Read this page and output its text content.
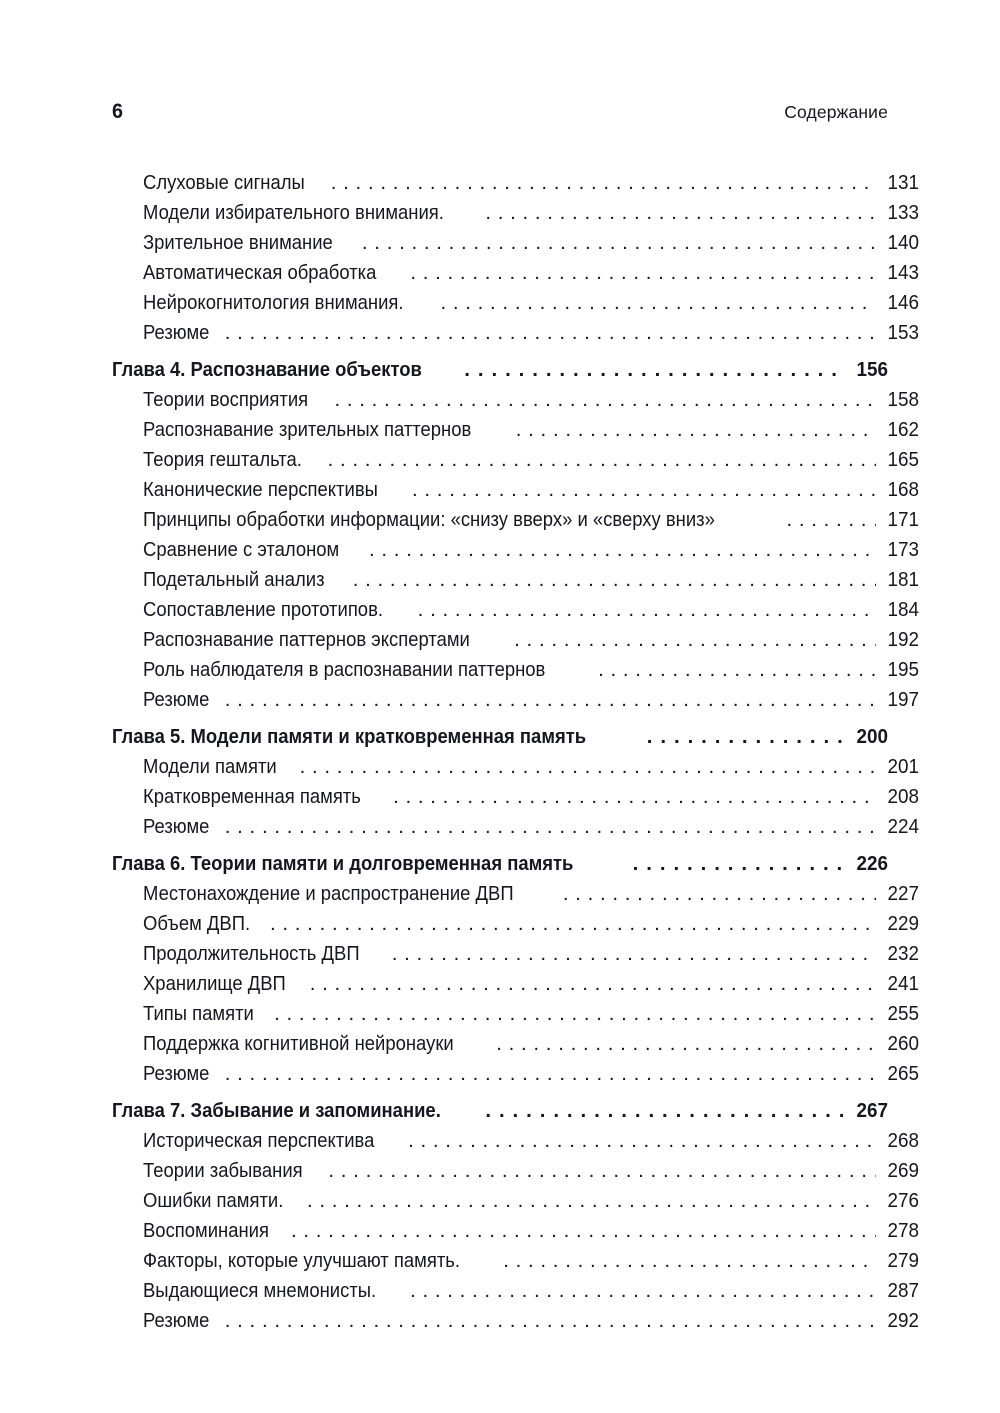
6	Содержание
Слуховые сигналы . . .	131
Модели избирательного внимания. . . .	133
Зрительное внимание . . .	140
Автоматическая обработка . . .	143
Нейрокогнитология внимания. . . .	146
Резюме . . .	153
Глава 4. Распознавание объектов . . .	156
Теории восприятия . . .	158
Распознавание зрительных паттернов . . .	162
Теория гештальта. . . .	165
Канонические перспективы . . .	168
Принципы обработки информации: «снизу вверх» и «сверху вниз» . . .	171
Сравнение с эталоном . . .	173
Подетальный анализ . . .	181
Сопоставление прототипов. . . .	184
Распознавание паттернов экспертами . . .	192
Роль наблюдателя в распознавании паттернов . . .	195
Резюме . . .	197
Глава 5. Модели памяти и кратковременная память . . .	200
Модели памяти . . .	201
Кратковременная память . . .	208
Резюме . . .	224
Глава 6. Теории памяти и долговременная память . . .	226
Местонахождение и распространение ДВП . . .	227
Объем ДВП. . . .	229
Продолжительность ДВП . . .	232
Хранилище ДВП . . .	241
Типы памяти . . .	255
Поддержка когнитивной нейронауки . . .	260
Резюме . . .	265
Глава 7. Забывание и запоминание. . . .	267
Историческая перспектива . . .	268
Теории забывания . . .	269
Ошибки памяти. . . .	276
Воспоминания . . .	278
Факторы, которые улучшают память. . . .	279
Выдающиеся мнемонисты. . . .	287
Резюме . . .	292
